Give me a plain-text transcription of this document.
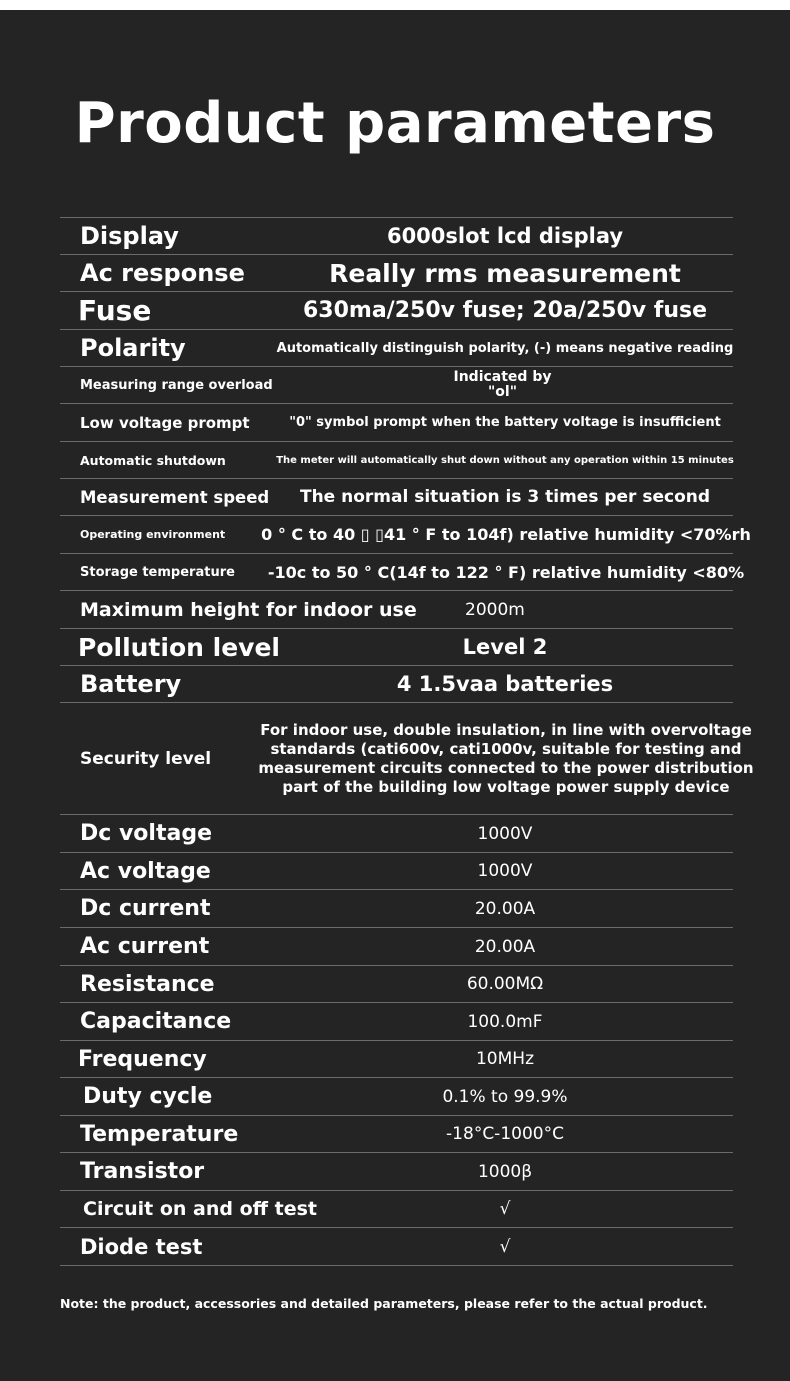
Product parameters
Display	6000slot lcd display
Ac response	Really rms measurement
Fuse	630ma/250v fuse; 20a/250v fuse
Polarity	Automatically distinguish polarity, (-) means negative reading
Measuring range overload	Indicated by
"ol"
Low voltage prompt	"0" symbol prompt when the battery voltage is insufficient
Automatic shutdown	The meter will automatically shut down without any operation within 15 minutes
Measurement speed The normal situation is 3 times per second
Operating environment 0 ° C to 40 ▯ ▯41 ° F to 104f) relative humidity <70%rh
Storage temperature	-10c to 50 ° C(14f to 122 ° F) relative humidity <80%
Maximum height for indoor use	2000m
Pollution level	Level 2
Battery	4 1.5vaa batteries
Security level
For indoor use, double insulation, in line with overvoltage standards (cati600v, cati1000v, suitable for testing and measurement circuits connected to the power distribution part of the building low voltage power supply device
Dc voltage	1000V
Ac voltage	1000V
Dc current	20.00A
Ac current	20.00A
Resistance	60.00MΩ
Capacitance	100.0mF
Frequency	10MHz
Duty cycle	0.1% to 99.9%
Temperature	-18°C-1000°C
Transistor	1000β
Circuit on and off test	√
Diode test	√
Note: the product, accessories and detailed parameters, please refer to the actual product.
